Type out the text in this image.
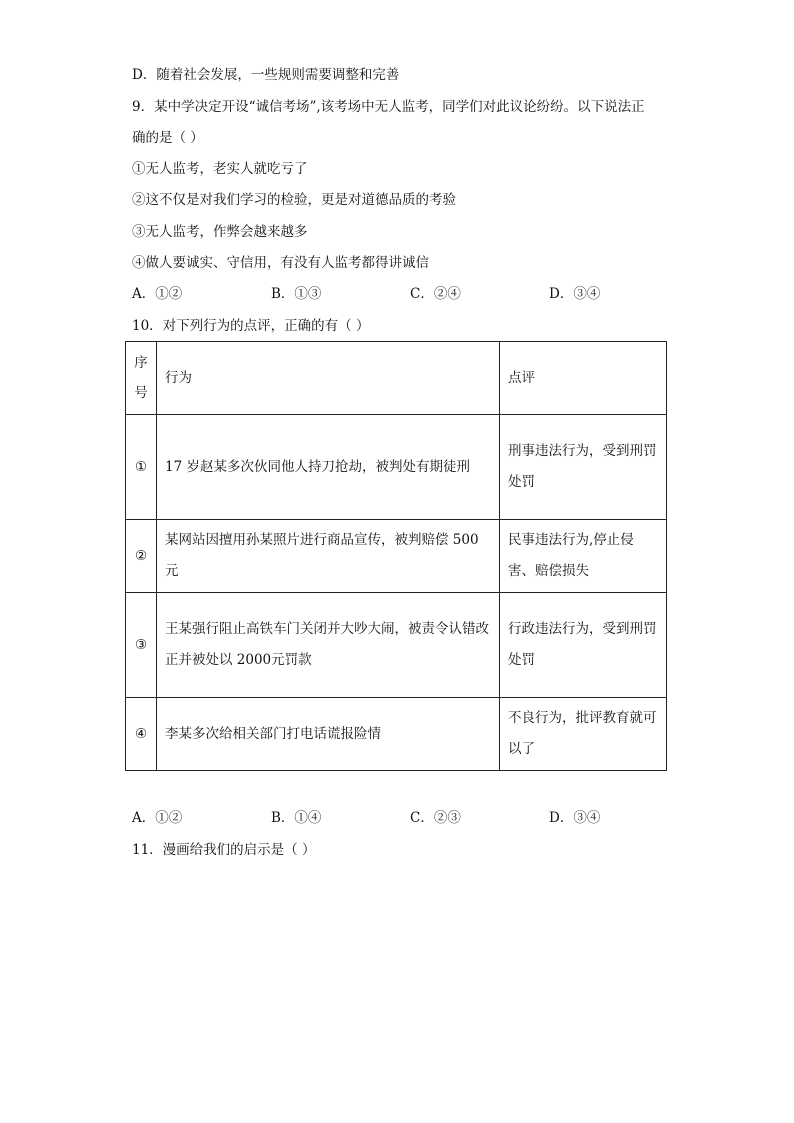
D．随着社会发展，一些规则需要调整和完善
9．某中学决定开设“诚信考场”,该考场中无人监考，同学们对此议论纷纷。以下说法正
确的是（ ）
①无人监考，老实人就吃亏了
②这不仅是对我们学习的检验，更是对道德品质的考验
③无人监考，作弊会越来越多
④做人要诚实、守信用，有没有人监考都得讲诚信
A．①②	B．①③	C．②④	D．③④
10．对下列行为的点评，正确的有（ ）
序号	行为	点评
①	17 岁赵某多次伙同他人持刀抢劫，被判处有期徒刑	刑事违法行为，受到刑罚处罚
②	某网站因擅用孙某照片进行商品宣传，被判赔偿 500 元	民事违法行为,停止侵害、赔偿损失
③	王某强行阻止高铁车门关闭并大吵大闹，被责令认错改正并被处以 2000元罚款	行政违法行为，受到刑罚处罚
④	李某多次给相关部门打电话谎报险情	不良行为，批评教育就可以了
A．①②	B．①④	C．②③	D．③④
11．漫画给我们的启示是（ ）
